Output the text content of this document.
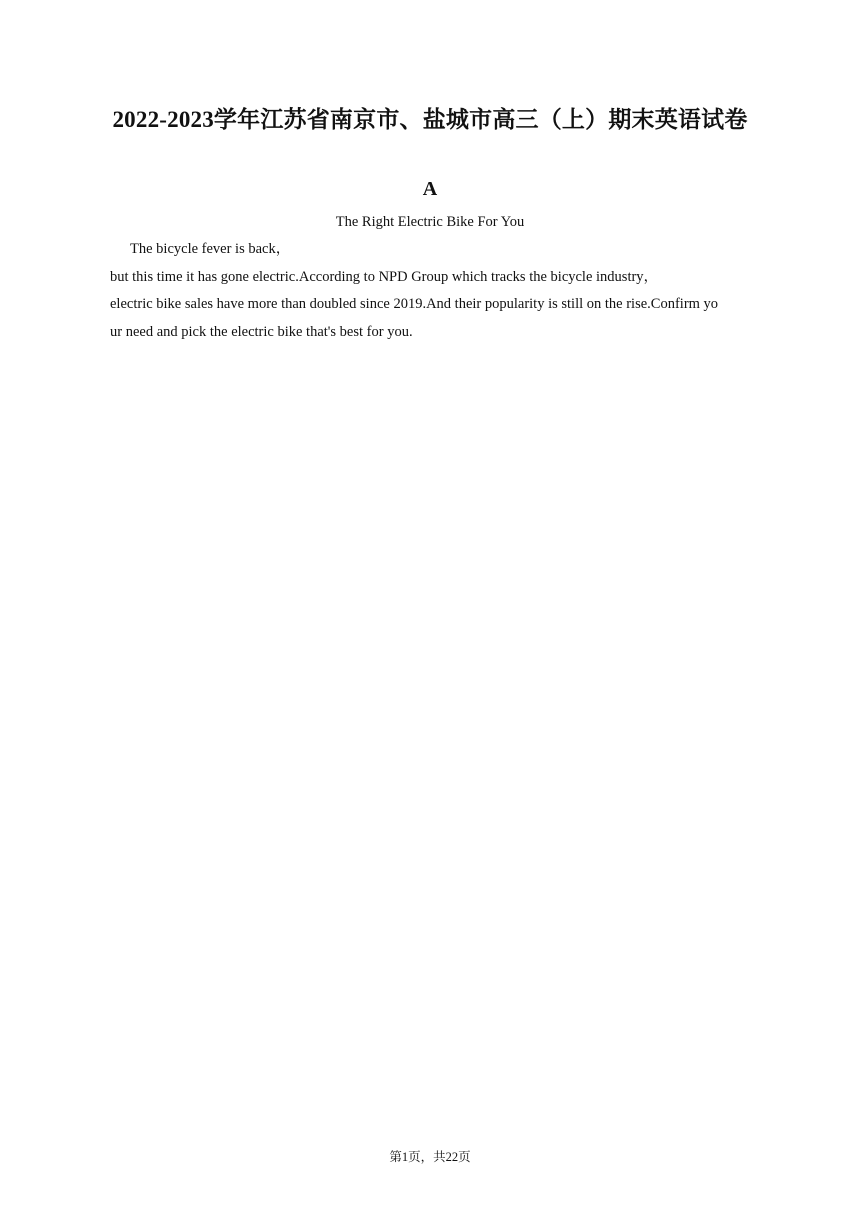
2022-2023学年江苏省南京市、盐城市高三（上）期末英语试卷
A
The Right Electric Bike For You
The bicycle fever is back，
but this time it has gone electric.According to NPD Group which tracks the bicycle industry，
electric bike sales have more than doubled since 2019.And their popularity is still on the rise.Confirm yo
ur need and pick the electric bike that's best for you.
第1页，共22页
